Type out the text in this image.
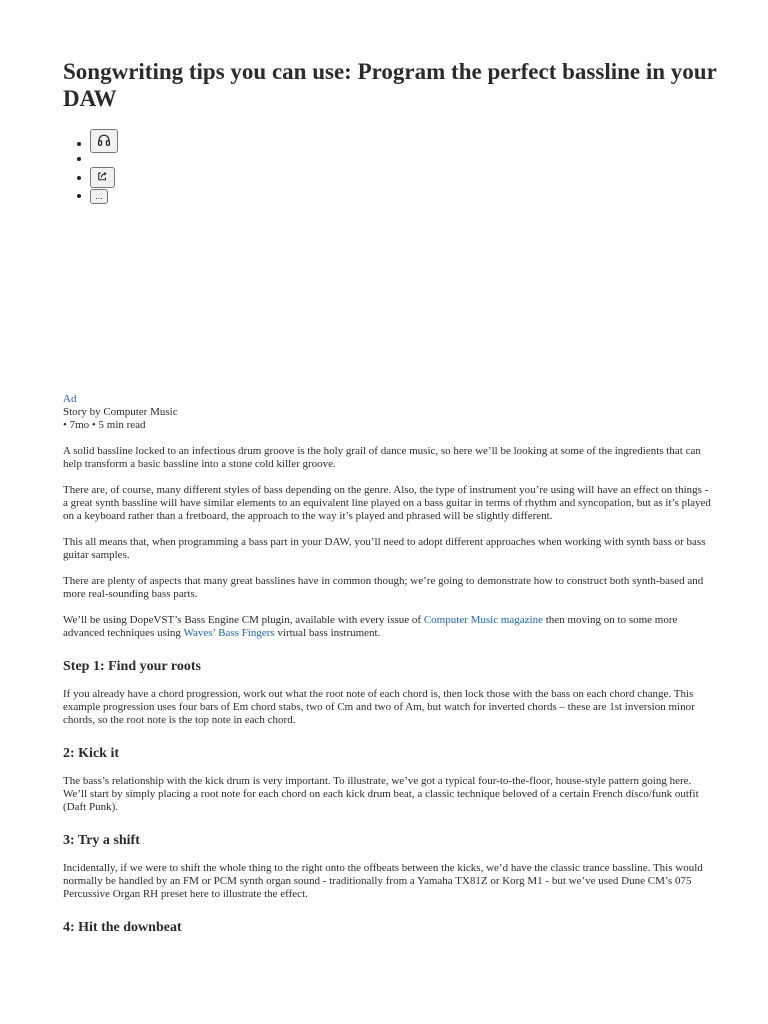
Songwriting tips you can use: Program the perfect bassline in your DAW
...
Ad
Story by Computer Music
• 7mo • 5 min read

A solid bassline locked to an infectious drum groove is the holy grail of dance music, so here we’ll be looking at some of the ingredients that can help transform a basic bassline into a stone cold killer groove.

There are, of course, many different styles of bass depending on the genre. Also, the type of instrument you’re using will have an effect on things - a great synth bassline will have similar elements to an equivalent line played on a bass guitar in terms of rhythm and syncopation, but as it’s played on a keyboard rather than a fretboard, the approach to the way it’s played and phrased will be slightly different.

This all means that, when programming a bass part in your DAW, you’ll need to adopt different approaches when working with synth bass or bass guitar samples.

There are plenty of aspects that many great basslines have in common though; we’re going to demonstrate how to construct both synth-based and more real-sounding bass parts.

We’ll be using DopeVST’s Bass Engine CM plugin, available with every issue of Computer Music magazine then moving on to some more advanced techniques using Waves’ Bass Fingers virtual bass instrument.

Step 1: Find your roots

If you already have a chord progression, work out what the root note of each chord is, then lock those with the bass on each chord change. This example progression uses four bars of Em chord stabs, two of Cm and two of Am, but watch for inverted chords – these are 1st inversion minor chords, so the root note is the top note in each chord.

2: Kick it

The bass’s relationship with the kick drum is very important. To illustrate, we’ve got a typical four-to-the-floor, house-style pattern going here. We’ll start by simply placing a root note for each chord on each kick drum beat, a classic technique beloved of a certain French disco/funk outfit (Daft Punk).

3: Try a shift

Incidentally, if we were to shift the whole thing to the right onto the offbeats between the kicks, we’d have the classic trance bassline. This would normally be handled by an FM or PCM synth organ sound - traditionally from a Yamaha TX81Z or Korg M1 - but we’ve used Dune CM’s 075 Percussive Organ RH preset here to illustrate the effect.

4: Hit the downbeat
